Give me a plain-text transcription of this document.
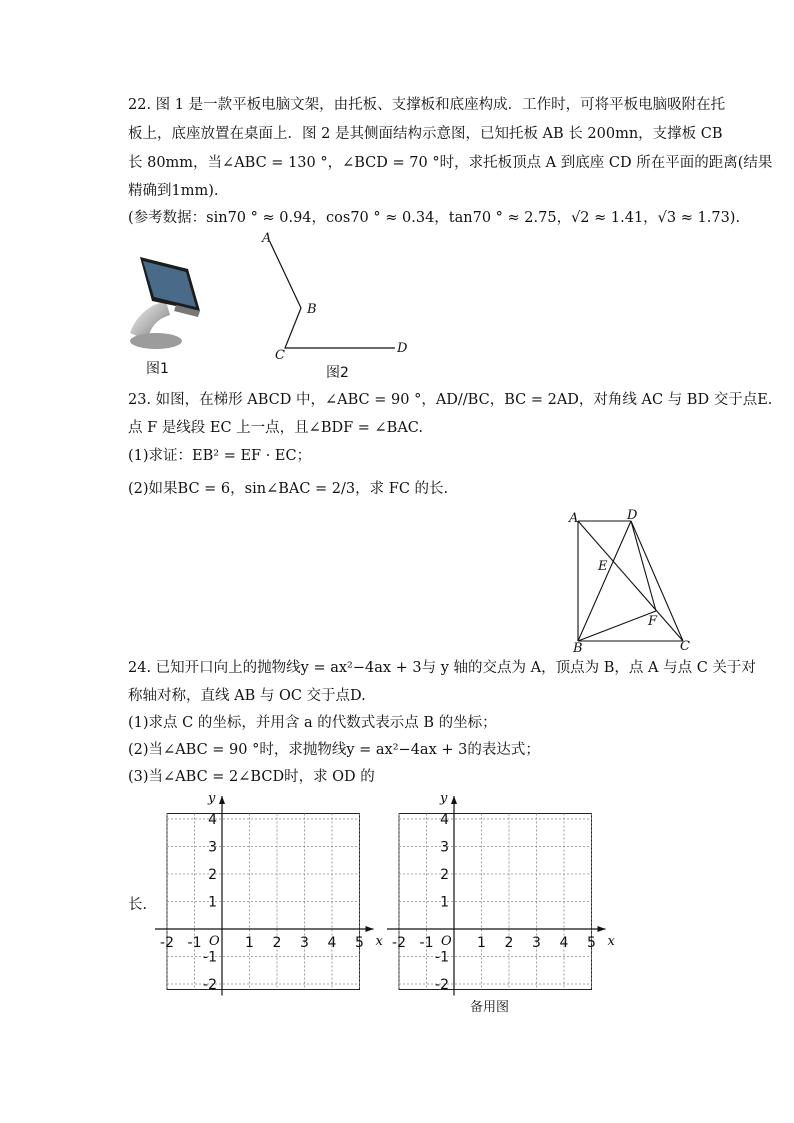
22. 图 1 是一款平板电脑文架，由托板、支撑板和底座构成．工作时，可将平板电脑吸附在托
板上，底座放置在桌面上．图 2 是其侧面结构示意图，已知托板 AB 长 200mn，支撑板 CB
长 80mm，当∠ABC = 130 °，∠BCD = 70 °时，求托板顶点 A 到底座 CD 所在平面的距离(结果
精确到1mm).
(参考数据：sin70 ° ≈ 0.94，cos70 ° ≈ 0.34，tan70 ° ≈ 2.75，√2 ≈ 1.41，√3 ≈ 1.73).
图1
A
B
C	D
图2
23. 如图，在梯形 ABCD 中，∠ABC = 90 °，AD//BC，BC = 2AD，对角线 AC 与 BD 交于点E.
点 F 是线段 EC 上一点，且∠BDF = ∠BAC.
(1)求证：EB² = EF · EC；
(2)如果BC = 6，sin∠BAC = 2/3，求 FC 的长.
A	D
E
F
B	C
24. 已知开口向上的抛物线y = ax²−4ax + 3与 y 轴的交点为 A，顶点为 B，点 A 与点 C 关于对
称轴对称，直线 AB 与 OC 交于点D.
(1)求点 C 的坐标，并用含 a 的代数式表示点 B 的坐标；
(2)当∠ABC = 90 °时，求抛物线y = ax²−4ax + 3的表达式；
(3)当∠ABC = 2∠BCD时，求 OD 的
长.
x
y
O
-2 -1	1 2 3 4 5
4
3
2
1
-1
-2
x
y
O
-2 -1	1 2 3 4 5
4
3
2
1
-1
-2
备用图
